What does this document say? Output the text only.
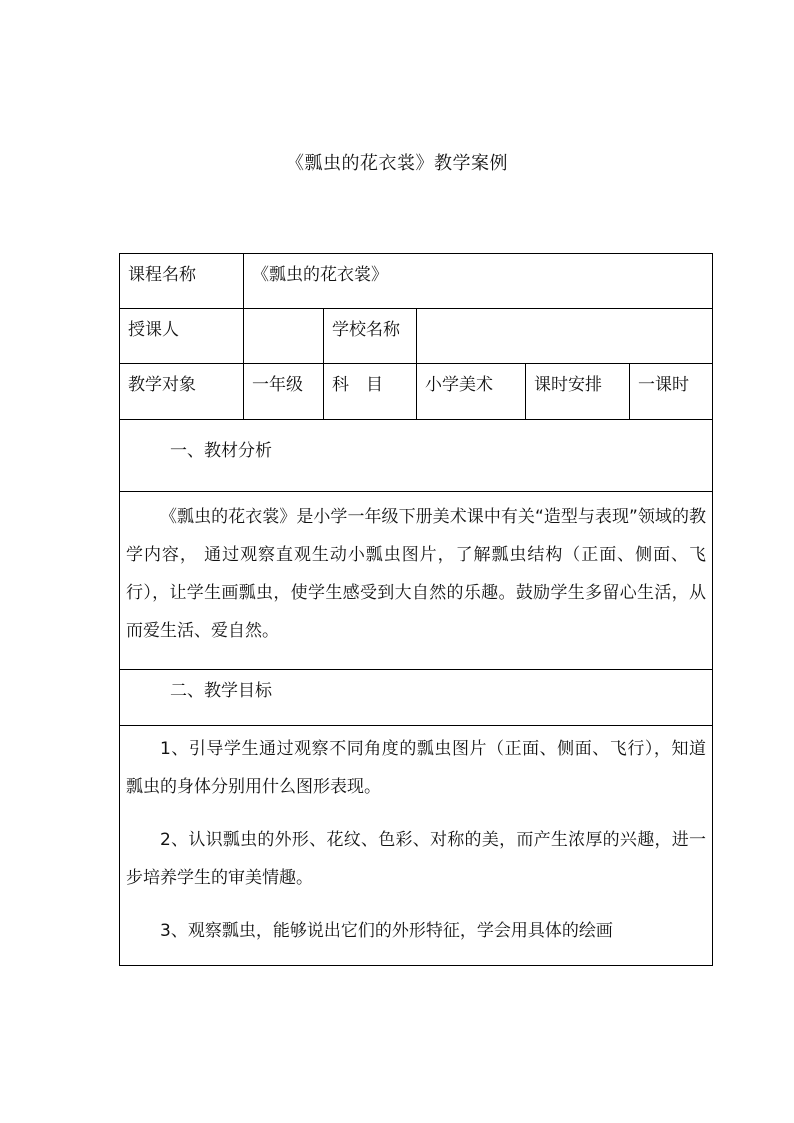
《瓢虫的花衣裳》教学案例
课程名称	《瓢虫的花衣裳》				

授课人		学校名称			

教学对象	一年级	科　目	小学美术	课时安排	一课时

一、教材分析					

《瓢虫的花衣裳》是小学一年级下册美术课中有关“造型与表现”领域的教学内容， 通过观察直观生动小瓢虫图片，了解瓢虫结构（正面、侧面、飞行），让学生画瓢虫，使学生感受到大自然的乐趣。鼓励学生多留心生活，从而爱生活、爱自然。					

二、教学目标					

1、引导学生通过观察不同角度的瓢虫图片（正面、侧面、飞行），知道瓢虫的身体分别用什么图形表现。

2、认识瓢虫的外形、花纹、色彩、对称的美，而产生浓厚的兴趣，进一步培养学生的审美情趣。

3、观察瓢虫，能够说出它们的外形特征，学会用具体的绘画					
